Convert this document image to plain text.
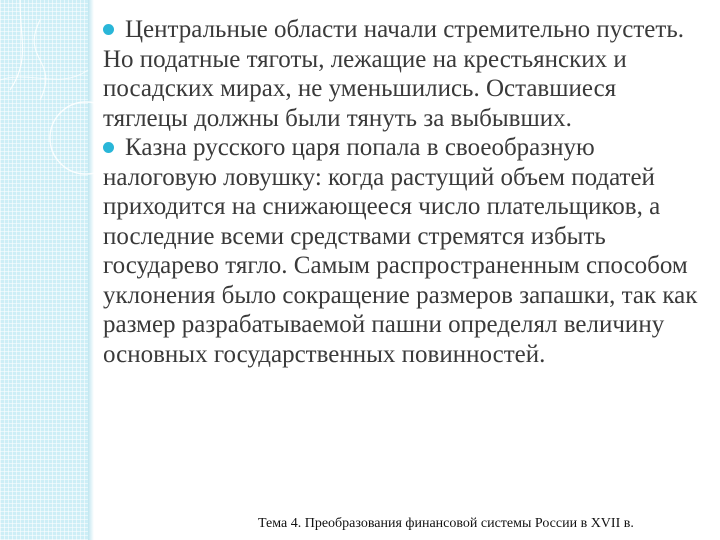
Центральные области начали стремительно пустеть. Но податные тяготы, лежащие на крестьянских и посадских мирах, не уменьшились. Оставшиеся тяглецы должны были тянуть за выбывших.

Казна русского царя попала в своеобразную налоговую ловушку: когда растущий объем податей приходится на снижающееся число плательщиков, а последние всеми средствами стремятся избыть государево тягло. Самым распространенным способом уклонения было сокращение размеров запашки, так как размер разрабатываемой пашни определял величину основных государственных повинностей.

Тема 4. Преобразования финансовой системы России в XVII в.
